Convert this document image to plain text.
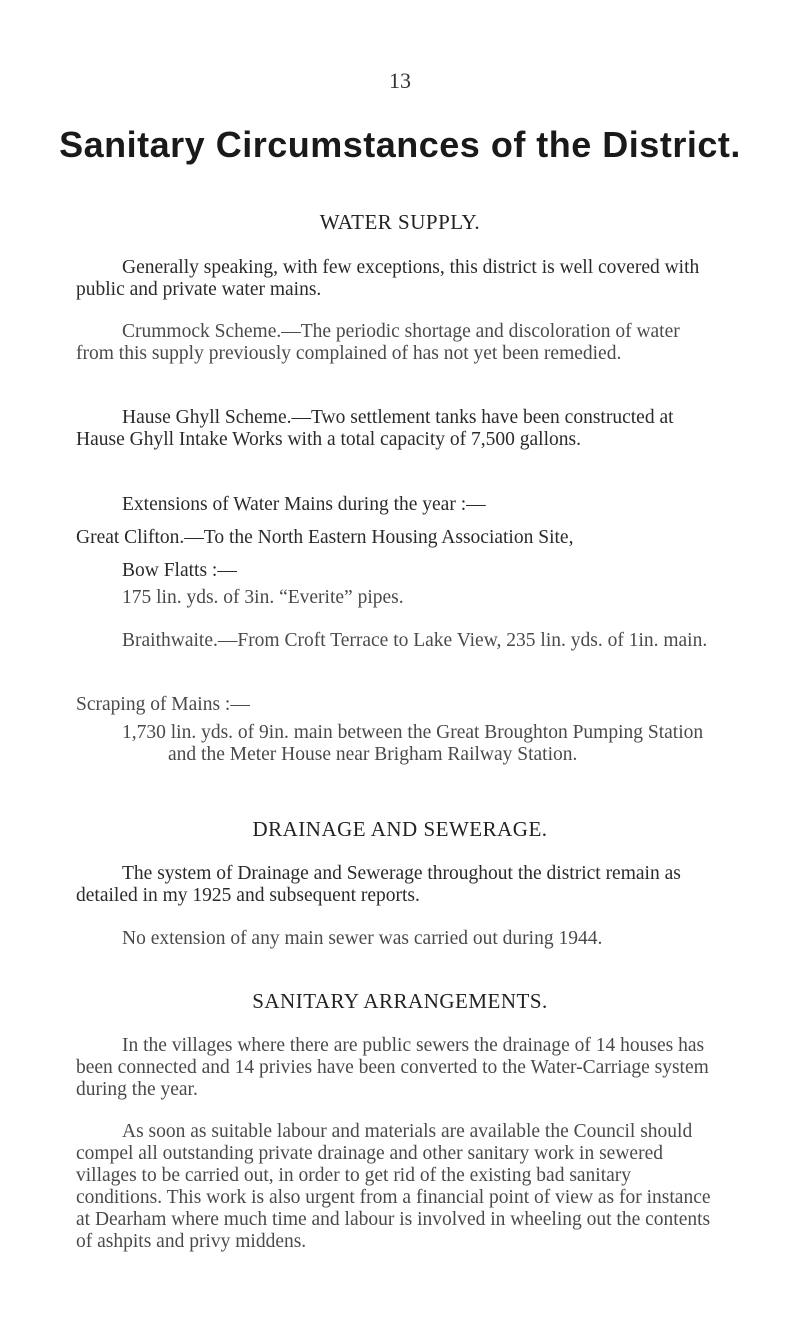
13
Sanitary Circumstances of the District.
WATER SUPPLY.
Generally speaking, with few exceptions, this district is well covered with public and private water mains.
Crummock Scheme.—The periodic shortage and discoloration of water from this supply previously complained of has not yet been remedied.
Hause Ghyll Scheme.—Two settlement tanks have been constructed at Hause Ghyll Intake Works with a total capacity of 7,500 gallons.
Extensions of Water Mains during the year :—
Great Clifton.—To the North Eastern Housing Association Site,
Bow Flatts :—
175 lin. yds. of 3in. “Everite” pipes.
Braithwaite.—From Croft Terrace to Lake View, 235 lin. yds. of 1in. main.
Scraping of Mains :—
1,730 lin. yds. of 9in. main between the Great Broughton Pumping Station and the Meter House near Brigham Railway Station.
DRAINAGE AND SEWERAGE.
The system of Drainage and Sewerage throughout the district remain as detailed in my 1925 and subsequent reports.
No extension of any main sewer was carried out during 1944.
SANITARY ARRANGEMENTS.
In the villages where there are public sewers the drainage of 14 houses has been connected and 14 privies have been converted to the Water-Carriage system during the year.
As soon as suitable labour and materials are available the Council should compel all outstanding private drainage and other sanitary work in sewered villages to be carried out, in order to get rid of the existing bad sanitary conditions. This work is also urgent from a financial point of view as for instance at Dearham where much time and labour is involved in wheeling out the contents of ashpits and privy middens.
